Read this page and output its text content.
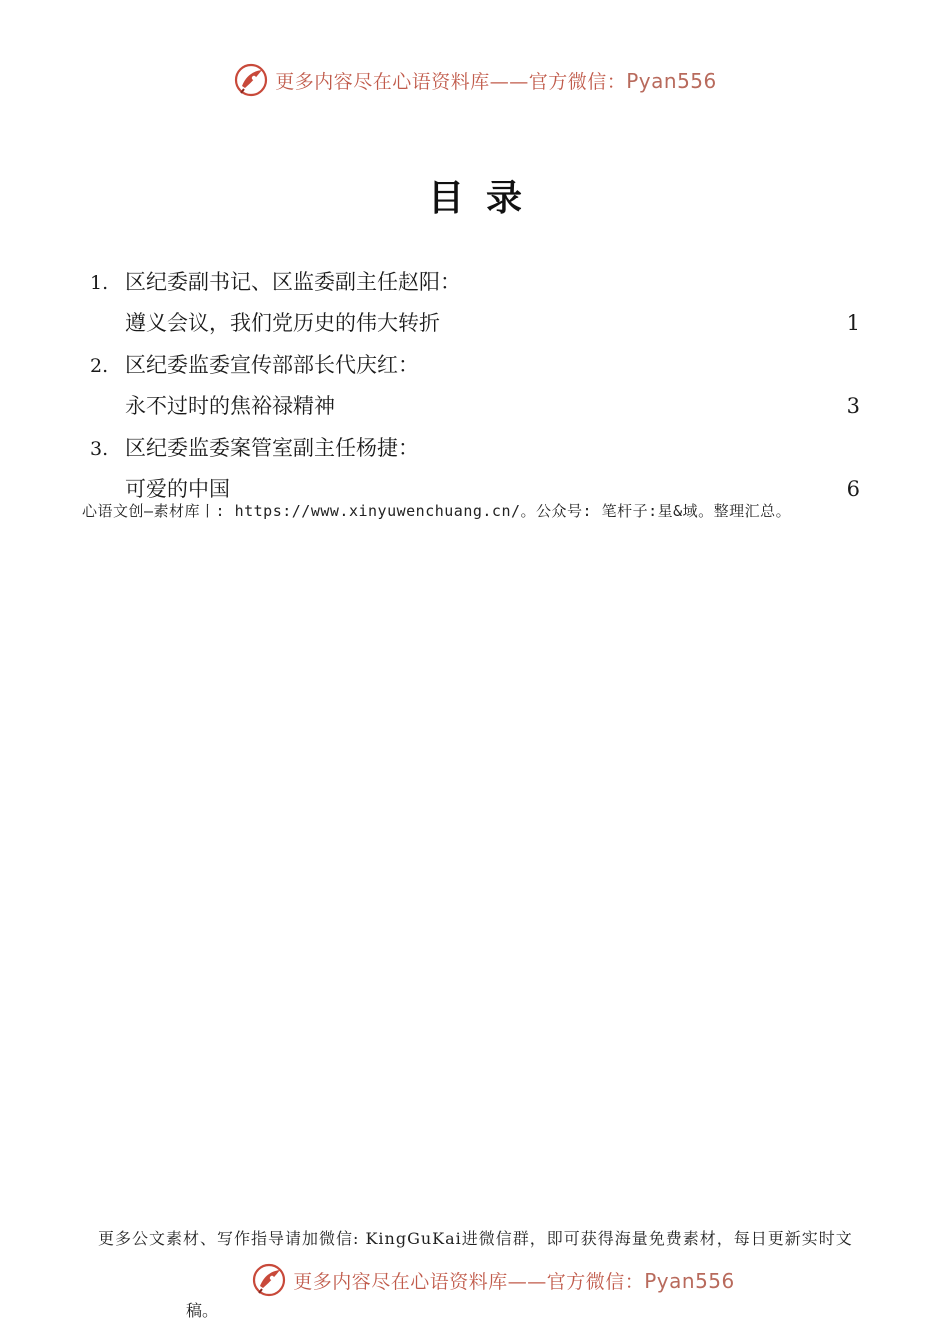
更多内容尽在心语资料库——官方微信：Pyan556
目录
1. 区纪委副书记、区监委副主任赵阳：
遵义会议，我们党历史的伟大转折	1
2. 区纪委监委宣传部部长代庆红：
永不过时的焦裕禄精神	3
3. 区纪委监委案管室副主任杨捷：
可爱的中国	6
心语文创—素材库丨: https://www.xinyuwenchuang.cn/。公众号: 笔杆子:星&域。整理汇总。
更多公文素材、写作指导请加微信: KingGuKai进微信群，即可获得海量免费素材，每日更新实时文
更多内容尽在心语资料库——官方微信：Pyan556
稿。
